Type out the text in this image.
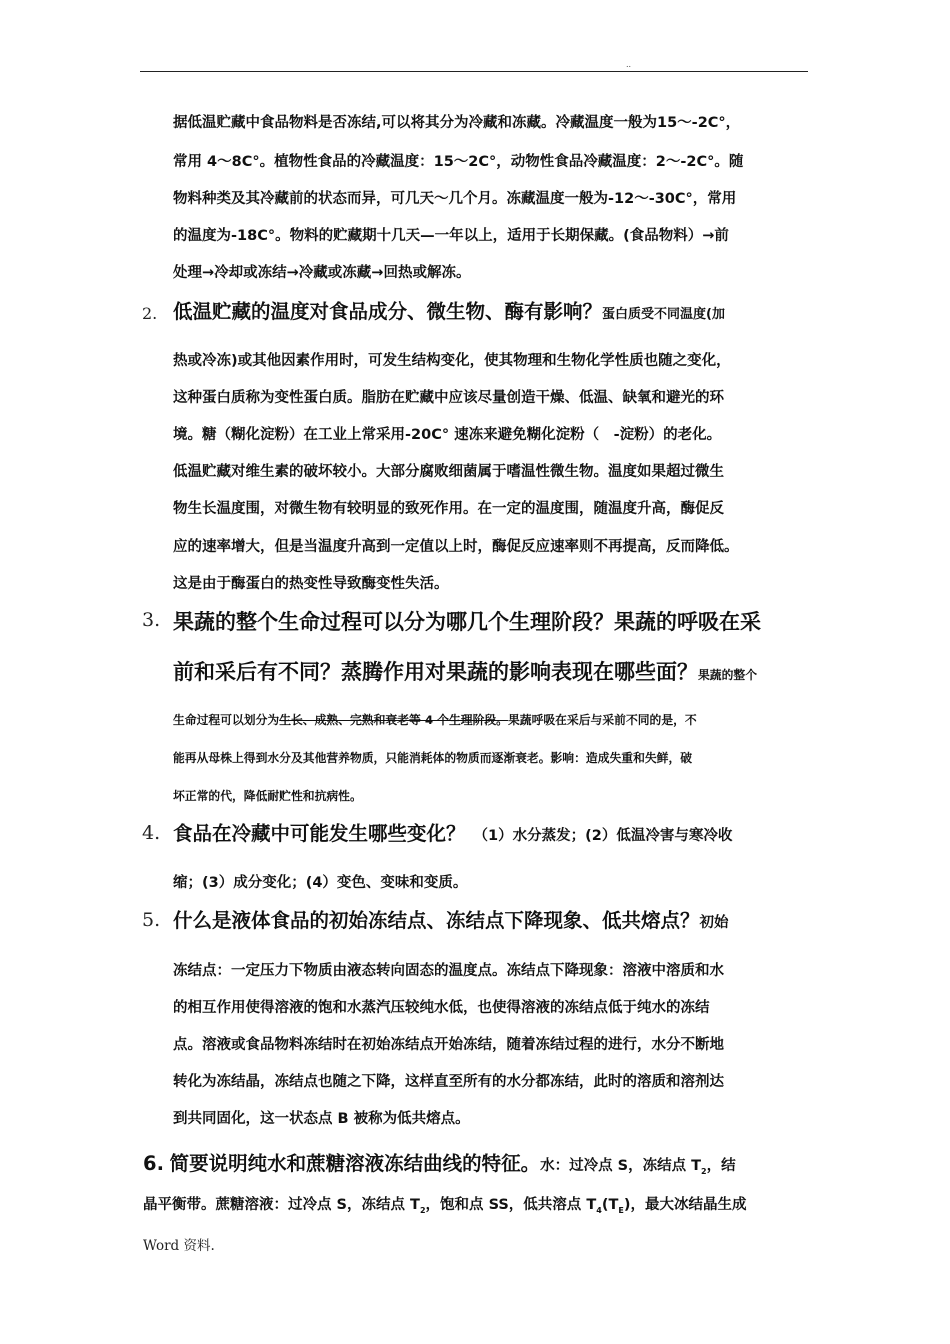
..
据低温贮藏中食品物料是否冻结,可以将其分为冷藏和冻藏。冷藏温度一般为15～-2C°，
常用 4～8C°。植物性食品的冷藏温度：15～2C°，动物性食品冷藏温度：2～-2C°。随
物料种类及其冷藏前的状态而异，可几天～几个月。冻藏温度一般为-12～-30C°，常用
的温度为-18C°。物料的贮藏期十几天—一年以上，适用于长期保藏。(食品物料）→前
处理→冷却或冻结→冷藏或冻藏→回热或解冻。
2. 低温贮藏的温度对食品成分、微生物、酶有影响？蛋白质受不同温度(加
热或冷冻)或其他因素作用时，可发生结构变化，使其物理和生物化学性质也随之变化，
这种蛋白质称为变性蛋白质。脂肪在贮藏中应该尽量创造干燥、低温、缺氧和避光的环
境。糖（糊化淀粉）在工业上常采用-20C° 速冻来避免糊化淀粉（　-淀粉）的老化。
低温贮藏对维生素的破坏较小。大部分腐败细菌属于嗜温性微生物。温度如果超过微生
物生长温度围，对微生物有较明显的致死作用。在一定的温度围，随温度升高，酶促反
应的速率增大，但是当温度升高到一定值以上时，酶促反应速率则不再提高，反而降低。
这是由于酶蛋白的热变性导致酶变性失活。
3. 果蔬的整个生命过程可以分为哪几个生理阶段？果蔬的呼吸在采
前和采后有不同？蒸腾作用对果蔬的影响表现在哪些面？果蔬的整个
生命过程可以划分为生长、成熟、完熟和衰老等 4 个生理阶段。果蔬呼吸在采后与采前不同的是，不
能再从母株上得到水分及其他营养物质，只能消耗体的物质而逐渐衰老。影响：造成失重和失鲜，破
坏正常的代，降低耐贮性和抗病性。
4. 食品在冷藏中可能发生哪些变化？ （1）水分蒸发；(2）低温冷害与寒冷收
缩；(3）成分变化；(4）变色、变味和变质。
5. 什么是液体食品的初始冻结点、冻结点下降现象、低共熔点？初始
冻结点：一定压力下物质由液态转向固态的温度点。冻结点下降现象：溶液中溶质和水
的相互作用使得溶液的饱和水蒸汽压较纯水低，也使得溶液的冻结点低于纯水的冻结
点。溶液或食品物料冻结时在初始冻结点开始冻结，随着冻结过程的进行，水分不断地
转化为冻结晶，冻结点也随之下降，这样直至所有的水分都冻结，此时的溶质和溶剂达
到共同固化，这一状态点 B 被称为低共熔点。
6. 简要说明纯水和蔗糖溶液冻结曲线的特征。水：过冷点 S，冻结点 $T_2$，结
晶平衡带。蔗糖溶液：过冷点 S，冻结点 $T_2$，饱和点 SS，低共溶点 $T_4(T_E)$，最大冰结晶生成
Word 资料.
